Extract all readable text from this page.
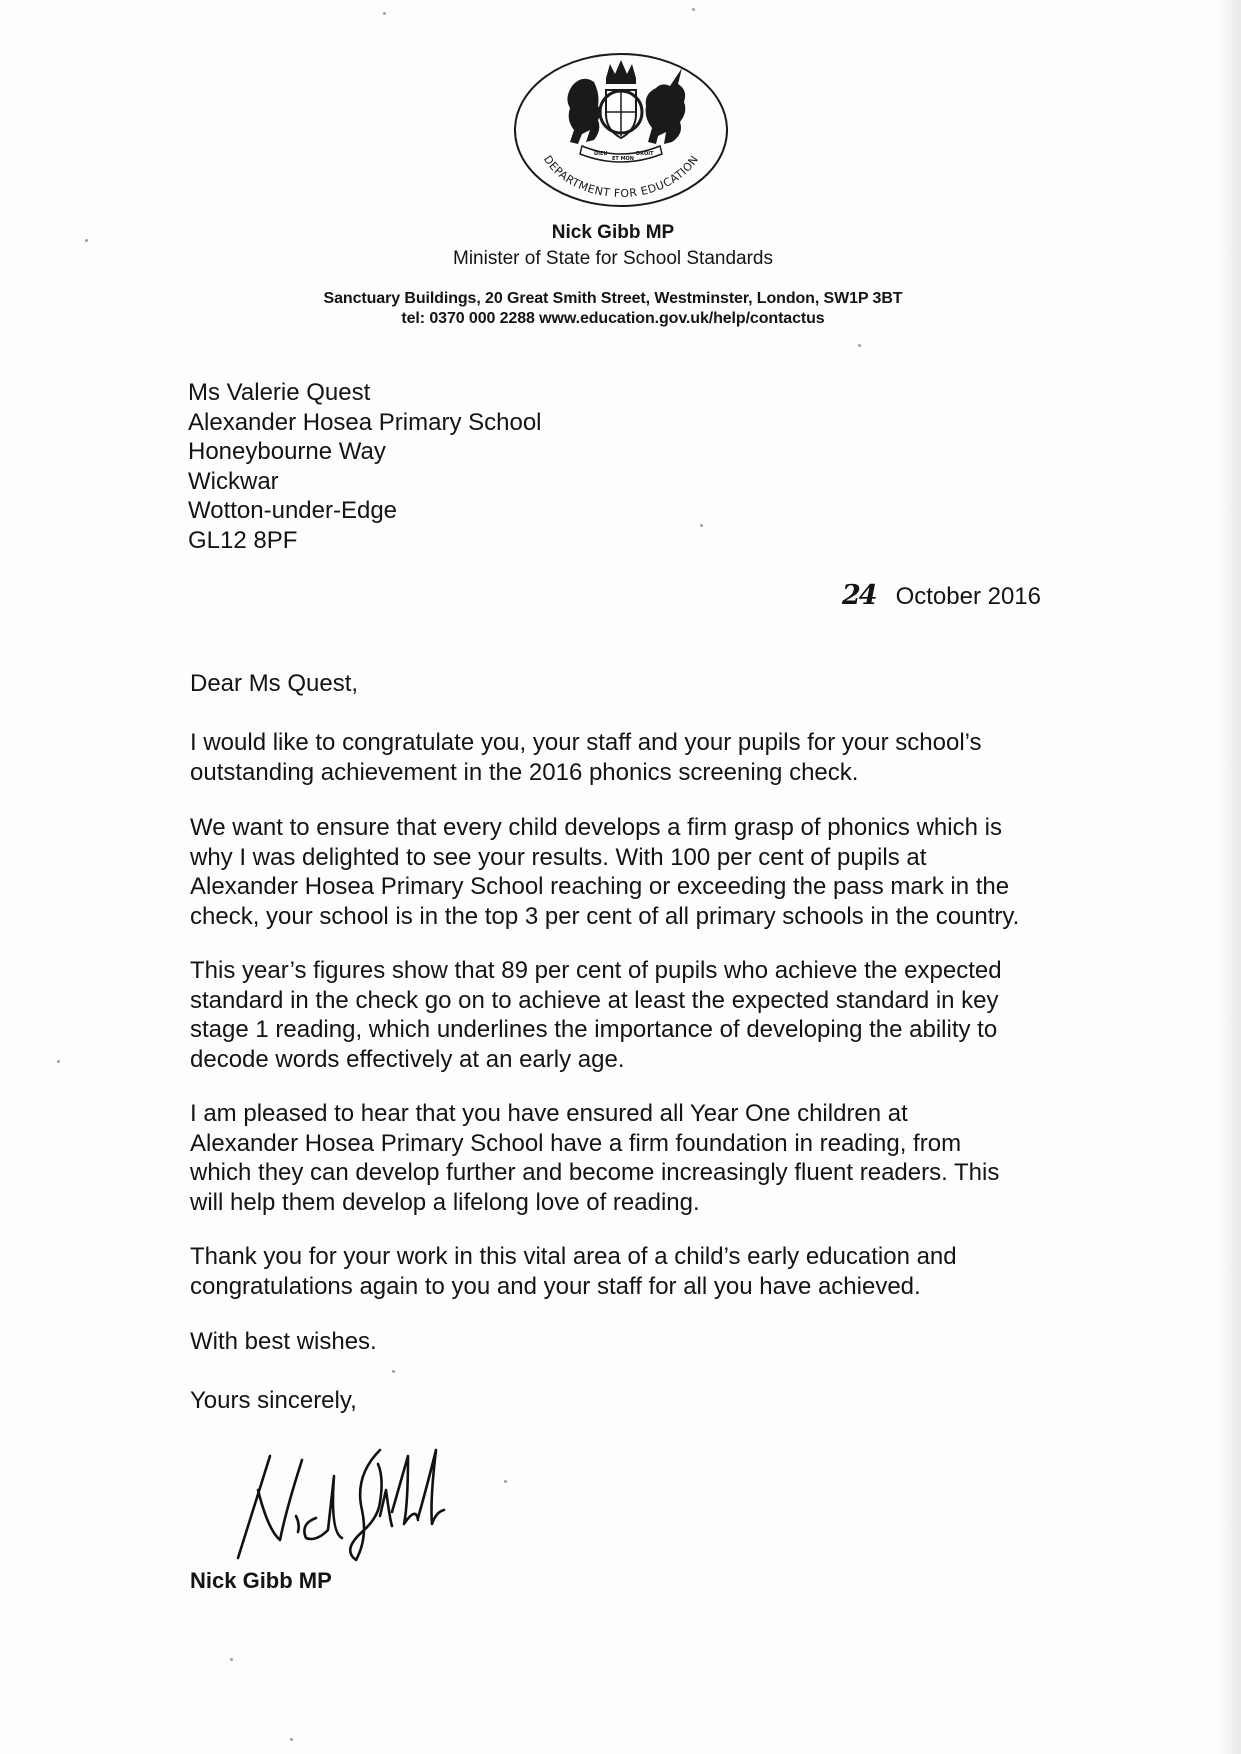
DIEU
ET MON
DROIT
DEPARTMENT FOR EDUCATION
Nick Gibb MP
Minister of State for School Standards
Sanctuary Buildings, 20 Great Smith Street, Westminster, London, SW1P 3BT
tel: 0370 000 2288 www.education.gov.uk/help/contactus
Ms Valerie Quest
Alexander Hosea Primary School
Honeybourne Way
Wickwar
Wotton-under-Edge
GL12 8PF
24 October 2016
Dear Ms Quest,
I would like to congratulate you, your staff and your pupils for your school’s
outstanding achievement in the 2016 phonics screening check.
We want to ensure that every child develops a firm grasp of phonics which is
why I was delighted to see your results. With 100 per cent of pupils at
Alexander Hosea Primary School reaching or exceeding the pass mark in the
check, your school is in the top 3 per cent of all primary schools in the country.
This year’s figures show that 89 per cent of pupils who achieve the expected
standard in the check go on to achieve at least the expected standard in key
stage 1 reading, which underlines the importance of developing the ability to
decode words effectively at an early age.
I am pleased to hear that you have ensured all Year One children at
Alexander Hosea Primary School have a firm foundation in reading, from
which they can develop further and become increasingly fluent readers. This
will help them develop a lifelong love of reading.
Thank you for your work in this vital area of a child’s early education and
congratulations again to you and your staff for all you have achieved.
With best wishes.
Yours sincerely,
Nick Gibb MP
